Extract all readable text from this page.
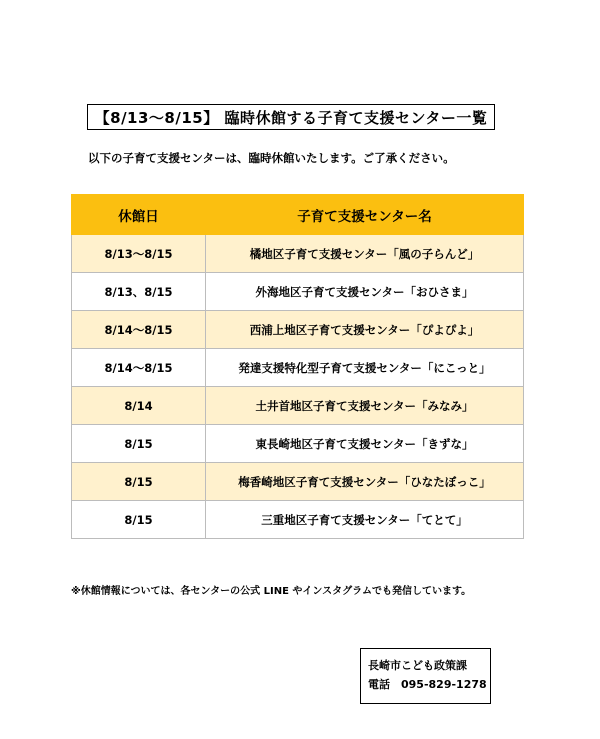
【8/13〜8/15】 臨時休館する子育て支援センター一覧
以下の子育て支援センターは、臨時休館いたします。ご了承ください。
休館日	子育て支援センター名
8/13〜8/15	橘地区子育て支援センター「風の子らんど」
8/13、8/15	外海地区子育て支援センター「おひさま」
8/14〜8/15	西浦上地区子育て支援センター「ぴよぴよ」
8/14〜8/15	発達支援特化型子育て支援センター「にこっと」
8/14	土井首地区子育て支援センター「みなみ」
8/15	東長崎地区子育て支援センター「きずな」
8/15	梅香崎地区子育て支援センター「ひなたぼっこ」
8/15	三重地区子育て支援センター「てとて」
※休館情報については、各センターの公式 LINE やインスタグラムでも発信しています。
長崎市こども政策課
電話　095-829-1278
